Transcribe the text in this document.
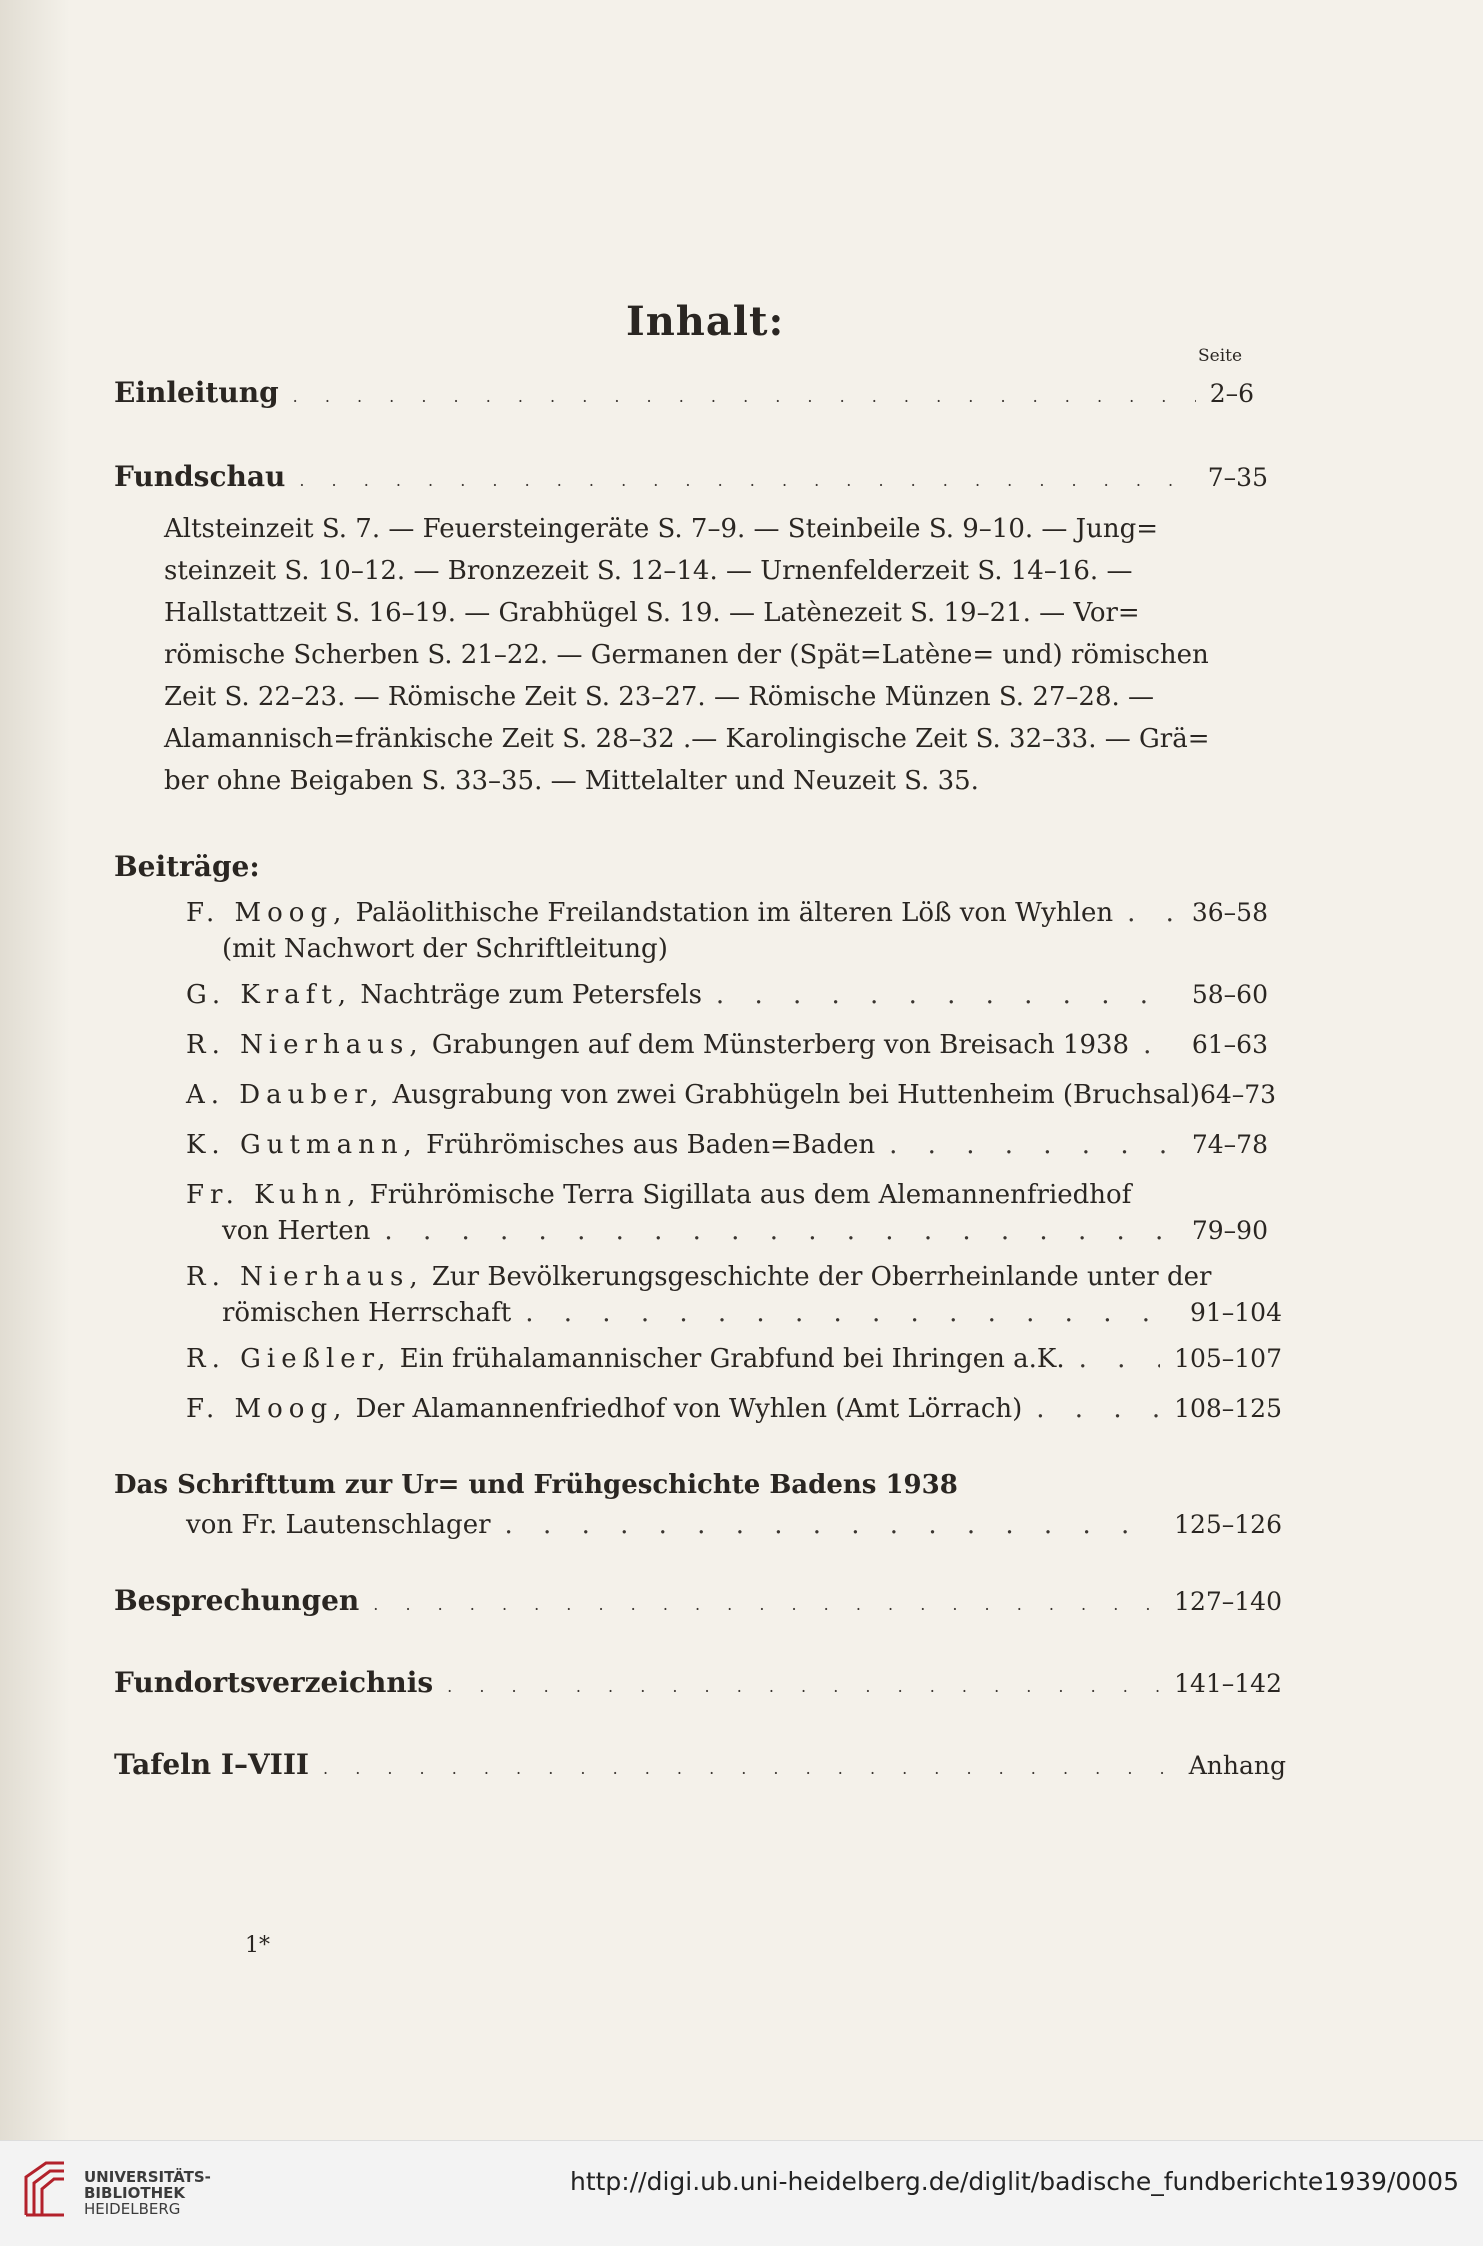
Inhalt:
Seite
Einleitung . . .	2–6
Fundschau . . .	7–35
Altsteinzeit S. 7. — Feuersteingeräte S. 7–9. — Steinbeile S. 9–10. — Jung=
steinzeit S. 10–12. — Bronzezeit S. 12–14. — Urnenfelderzeit S. 14–16. —
Hallstattzeit S. 16–19. — Grabhügel S. 19. — Latènezeit S. 19–21. — Vor=
römische Scherben S. 21–22. — Germanen der (Spät=Latène= und) römischen
Zeit S. 22–23. — Römische Zeit S. 23–27. — Römische Münzen S. 27–28. —
Alamannisch=fränkische Zeit S. 28–32 .— Karolingische Zeit S. 32–33. — Grä=
ber ohne Beigaben S. 33–35. — Mittelalter und Neuzeit S. 35.
Beiträge:
F. Moog,
Paläolithische Freilandstation im älteren Löß von Wyhlen . . .	36–58
(mit Nachwort der Schriftleitung)
G. Kraft,
Nachträge zum Petersfels . . .	58–60
R. Nierhaus,
Grabungen auf dem Münsterberg von Breisach 1938 . . .	61–63
A. Dauber,
Ausgrabung von zwei Grabhügeln bei Huttenheim (Bruchsal) 64–73
K. Gutmann,
Frührömisches aus Baden=Baden . . .	74–78
Fr. Kuhn,
Frührömische Terra Sigillata aus dem Alemannenfriedhof
von Herten . . .	79–90
R. Nierhaus,
Zur Bevölkerungsgeschichte der Oberrheinlande unter der
römischen Herrschaft . . .	91–104
R. Gießler,
Ein frühalamannischer Grabfund bei Ihringen a.K. . . .	105–107
F. Moog,
Der Alamannenfriedhof von Wyhlen (Amt Lörrach) . . .	108–125
Das Schrifttum zur Ur= und Frühgeschichte Badens 1938
von Fr. Lautenschlager . . .	125–126
Besprechungen . . .	127–140
Fundortsverzeichnis . . .	141–142
Tafeln I–VIII . . .	Anhang
1*
UNIVERSITÄTS-
BIBLIOTHEK
HEIDELBERG
http://digi.ub.uni-heidelberg.de/diglit/badische_fundberichte1939/0005
